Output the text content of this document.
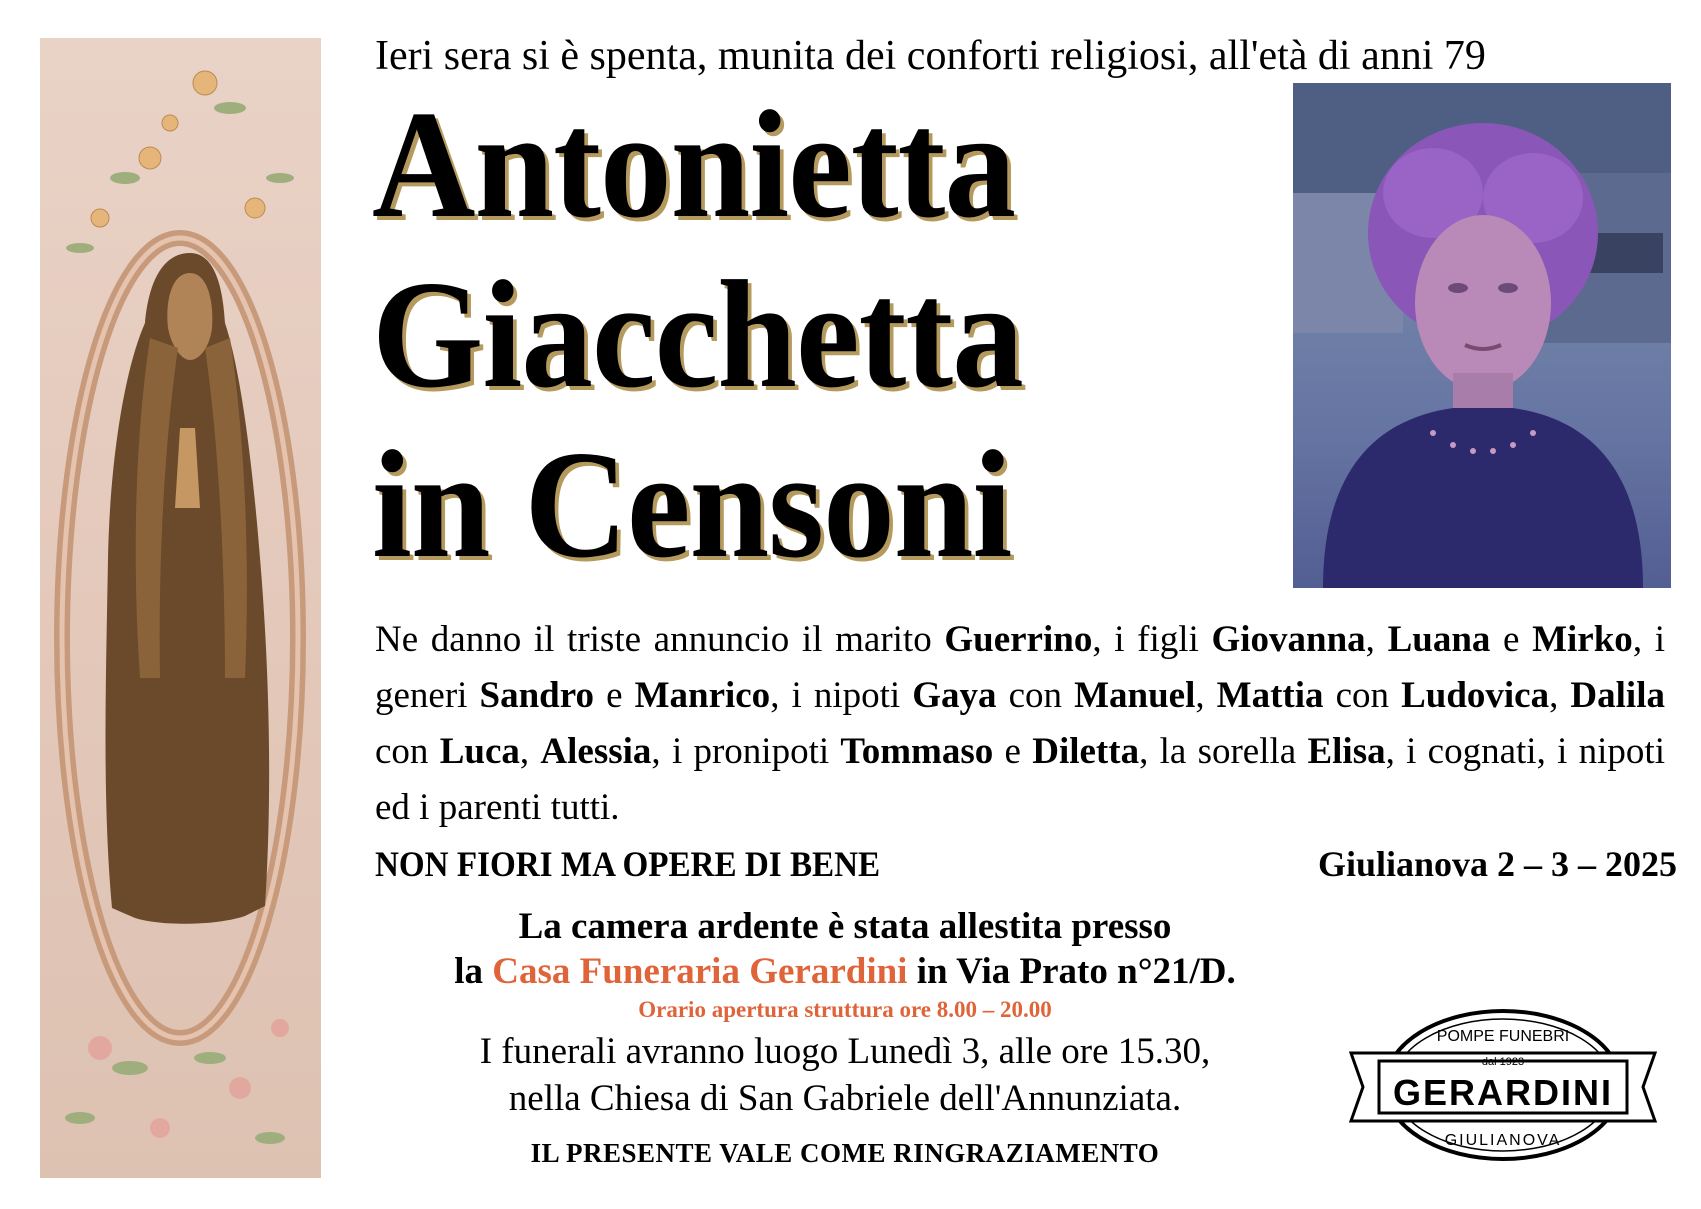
Ieri sera si è spenta, munita dei conforti religiosi, all'età di anni 79
Antonietta
Giacchetta
in Censoni
Ne danno il triste annuncio il marito Guerrino, i figli Giovanna, Luana e Mirko, i generi Sandro e Manrico, i nipoti Gaya con Manuel, Mattia con Ludovica, Dalila con Luca, Alessia, i pronipoti Tommaso e Diletta, la sorella Elisa, i cognati, i nipoti ed i parenti tutti.
NON FIORI MA OPERE DI BENE	Giulianova 2 – 3 – 2025
La camera ardente è stata allestita presso
la Casa Funeraria Gerardini in Via Prato n°21/D.
Orario apertura struttura ore 8.00 – 20.00
I funerali avranno luogo Lunedì 3, alle ore 15.30,
nella Chiesa di San Gabriele dell'Annunziata.
IL PRESENTE VALE COME RINGRAZIAMENTO
POMPE FUNEBRI
dal 1923
GERARDINI
GIULIANOVA
